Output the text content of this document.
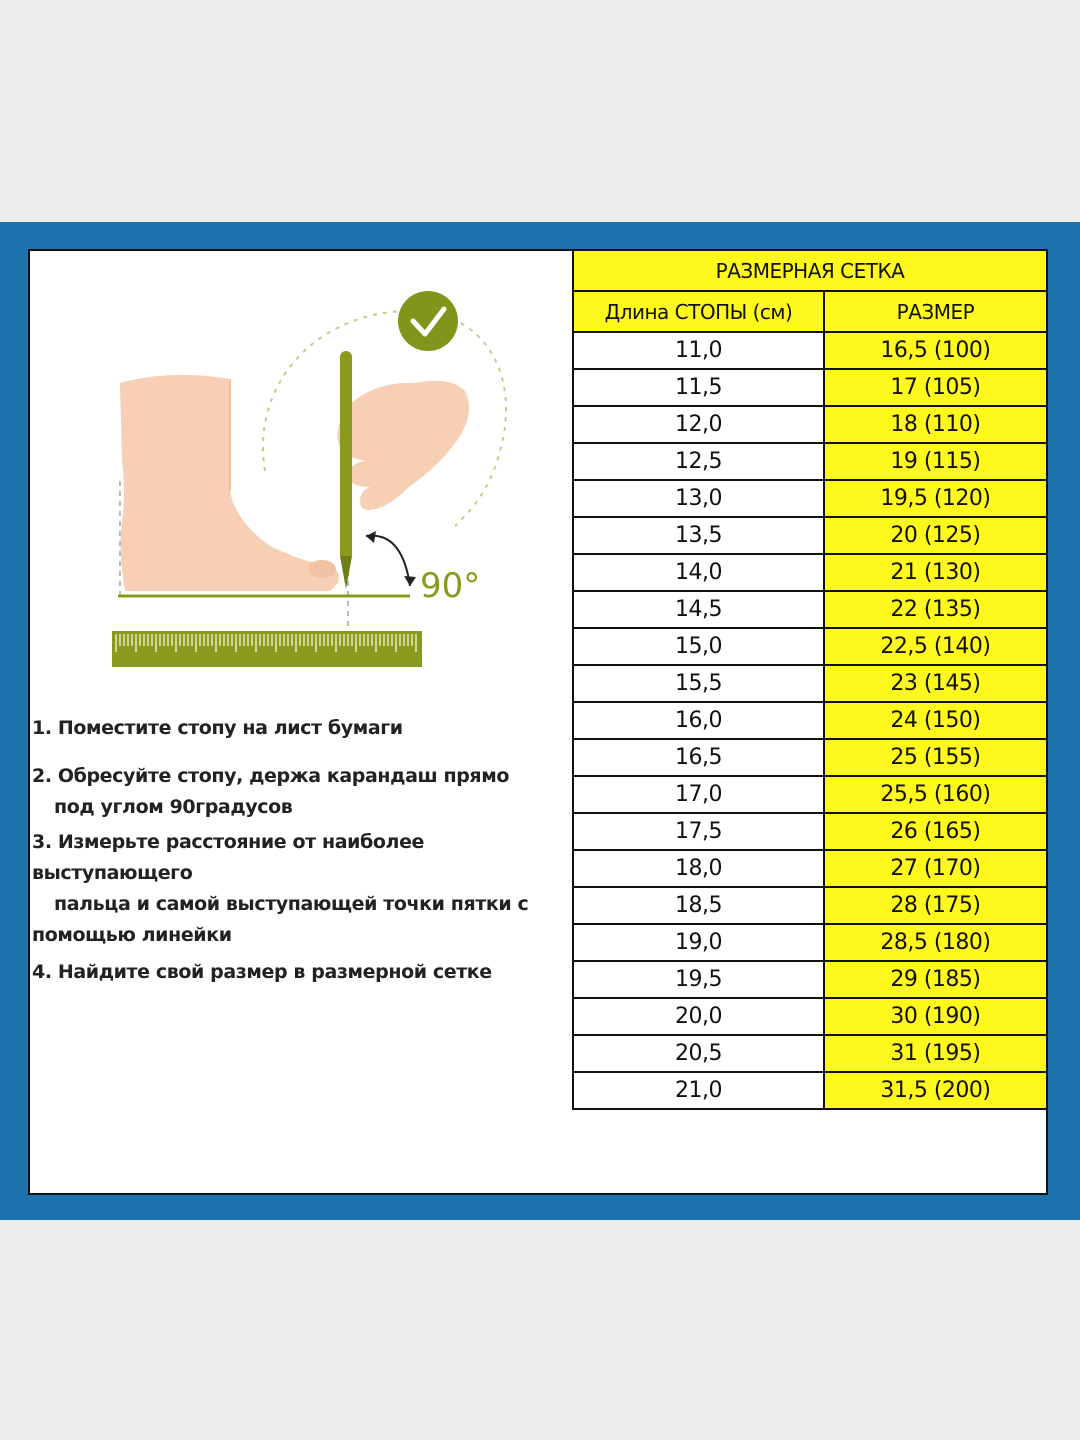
90°

1. Поместите стопу на лист бумаги

2. Обресуйте стопу, держа карандаш прямо

под углом 90градусов

3. Измерьте расстояние от наиболее выступающего

пальца и самой выступающей точки пятки с

помощью линейки

4. Найдите свой размер в размерной сетке

РАЗМЕРНАЯ СЕТКА	
Длина СТОПЫ (см)	РАЗМЕР
11,0	16,5 (100)
11,5	17 (105)
12,0	18 (110)
12,5	19 (115)
13,0	19,5 (120)
13,5	20 (125)
14,0	21 (130)
14,5	22 (135)
15,0	22,5 (140)
15,5	23 (145)
16,0	24 (150)
16,5	25 (155)
17,0	25,5 (160)
17,5	26 (165)
18,0	27 (170)
18,5	28 (175)
19,0	28,5 (180)
19,5	29 (185)
20,0	30 (190)
20,5	31 (195)
21,0	31,5 (200)
